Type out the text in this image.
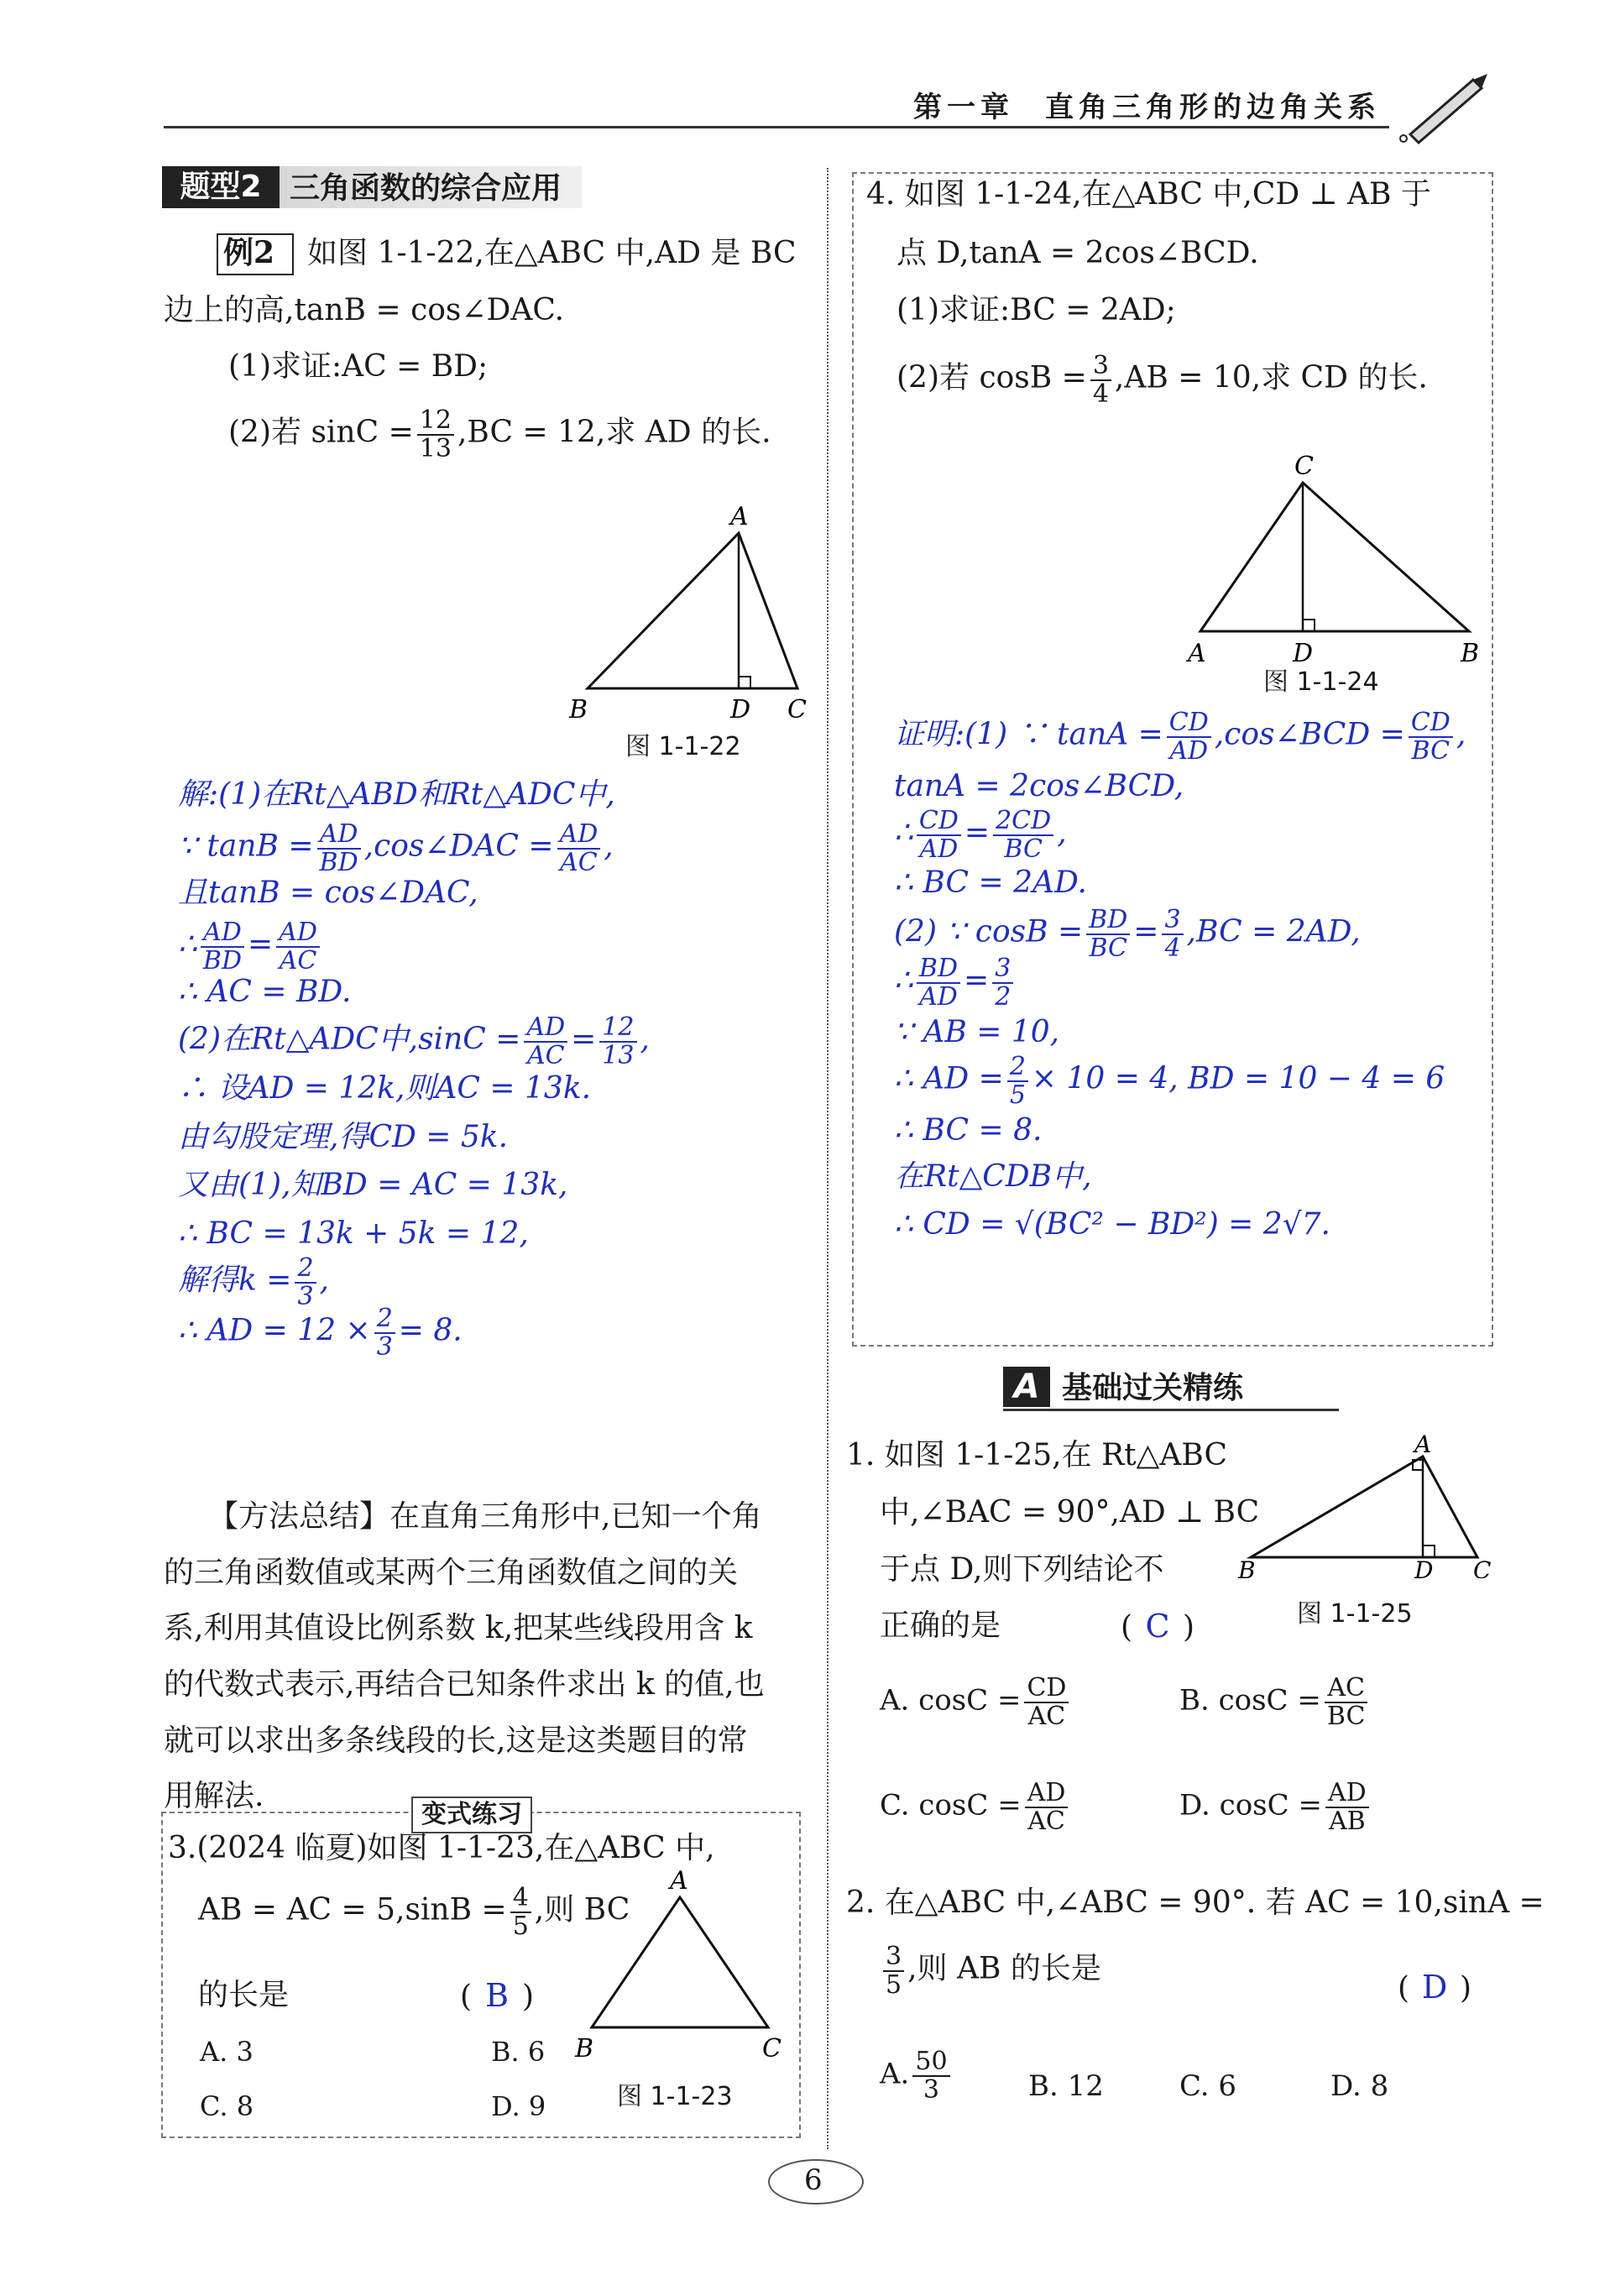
第一章 直角三角形的边角关系
题型2 三角函数的综合应用
例2 如图 1-1-22,在△ABC 中,AD 是 BC
边上的高,tanB = cos∠DAC.
(1)求证:AC = BD;
(2)若 $\sin C = \frac{12}{13} ,BC = 12$,求 AD 的长.
A
B	D C
图 1-1-22
解:(1)在Rt△ABD和Rt△ADC中,
∵ $\tan B = \frac{AD}{BD}$ ,cos∠DAC = $\frac{AD}{AC}$ ,
且tanB = cos∠DAC,
∴ $\frac{AD}{BD} = \frac{AD}{AC}$
∴ AC = BD.
(2)在Rt△ADC中$,\sin C = \frac{AD}{AC} = \frac{12}{13}$ ,
∴ 设AD = 12k,则AC = 13k.
由勾股定理,得CD = 5k.
又由(1),知BD = AC = 13k,
∴ BC = 13k + 5k = 12,
解得$k = \frac{2}{3}$ ,
∴ AD = $12 \times \frac{2}{3} = 8$.
【方法总结】在直角三角形中,已知一个角
的三角函数值或某两个三角函数值之间的关
系,利用其值设比例系数 k,把某些线段用含 k
的代数式表示,再结合已知条件求出 k 的值,也
就可以求出多条线段的长,这是这类题目的常
用解法.
变式练习
3.(2024 临夏)如图 1-1-23,在△ABC 中,
AB = AC = $5,\sin B = \frac{4}{5}$ ,则 BC
的长是	( B )
A. 3	B. 6
C. 8	D. 9
A
B	C
图 1-1-23
4. 如图 1-1-24,在△ABC 中,CD ⊥ AB 于
点 D,tanA = 2cos∠BCD.
(1)求证:BC = 2AD;
(2)若 $\cos B = \frac{3}{4} ,AB = 10$,求 CD 的长.
C
A	D	B
图 1-1-24
证明:(1) ∵ $\tan A = \frac{CD}{AD}$ ,cos∠BCD = $\frac{CD}{BC}$ ,
tanA = 2cos∠BCD,
∴ $\frac{CD}{AD} = \frac{2CD}{BC}$ ,
∴ BC = 2AD.
(2) ∵ $\cos B = \frac{BD}{BC} = \frac{3}{4} ,BC = 2AD$,
∴ $\frac{BD}{AD} = \frac{3}{2}$
∵ AB = 10,
∴ AD = $\frac{2}{5} \times 10 = 4$, BD = 10 − 4 = 6
∴ BC = 8.
在Rt△CDB中,
∴ CD = √(BC² − BD²) = 2√7.
A 基础过关精练
1. 如图 1-1-25,在 Rt△ABC
中,∠BAC = 90°,AD ⊥ BC
于点 D,则下列结论不
正确的是	( C )
A
B	D C
图 1-1-25
A. $\cos C = \frac{CD}{AC}$	B. $\cos C = \frac{AC}{BC}$
C. $\cos C = \frac{AD}{AC}$	D. $\cos C = \frac{AD}{AB}$
2. 在△ABC 中,∠ABC = 90°. 若 AC = 10,sinA =
$\frac{3}{5}$ ,则 AB 的长是
( D )
A. $\frac{50}{3}$	B. 12	C. 6	D. 8
6
